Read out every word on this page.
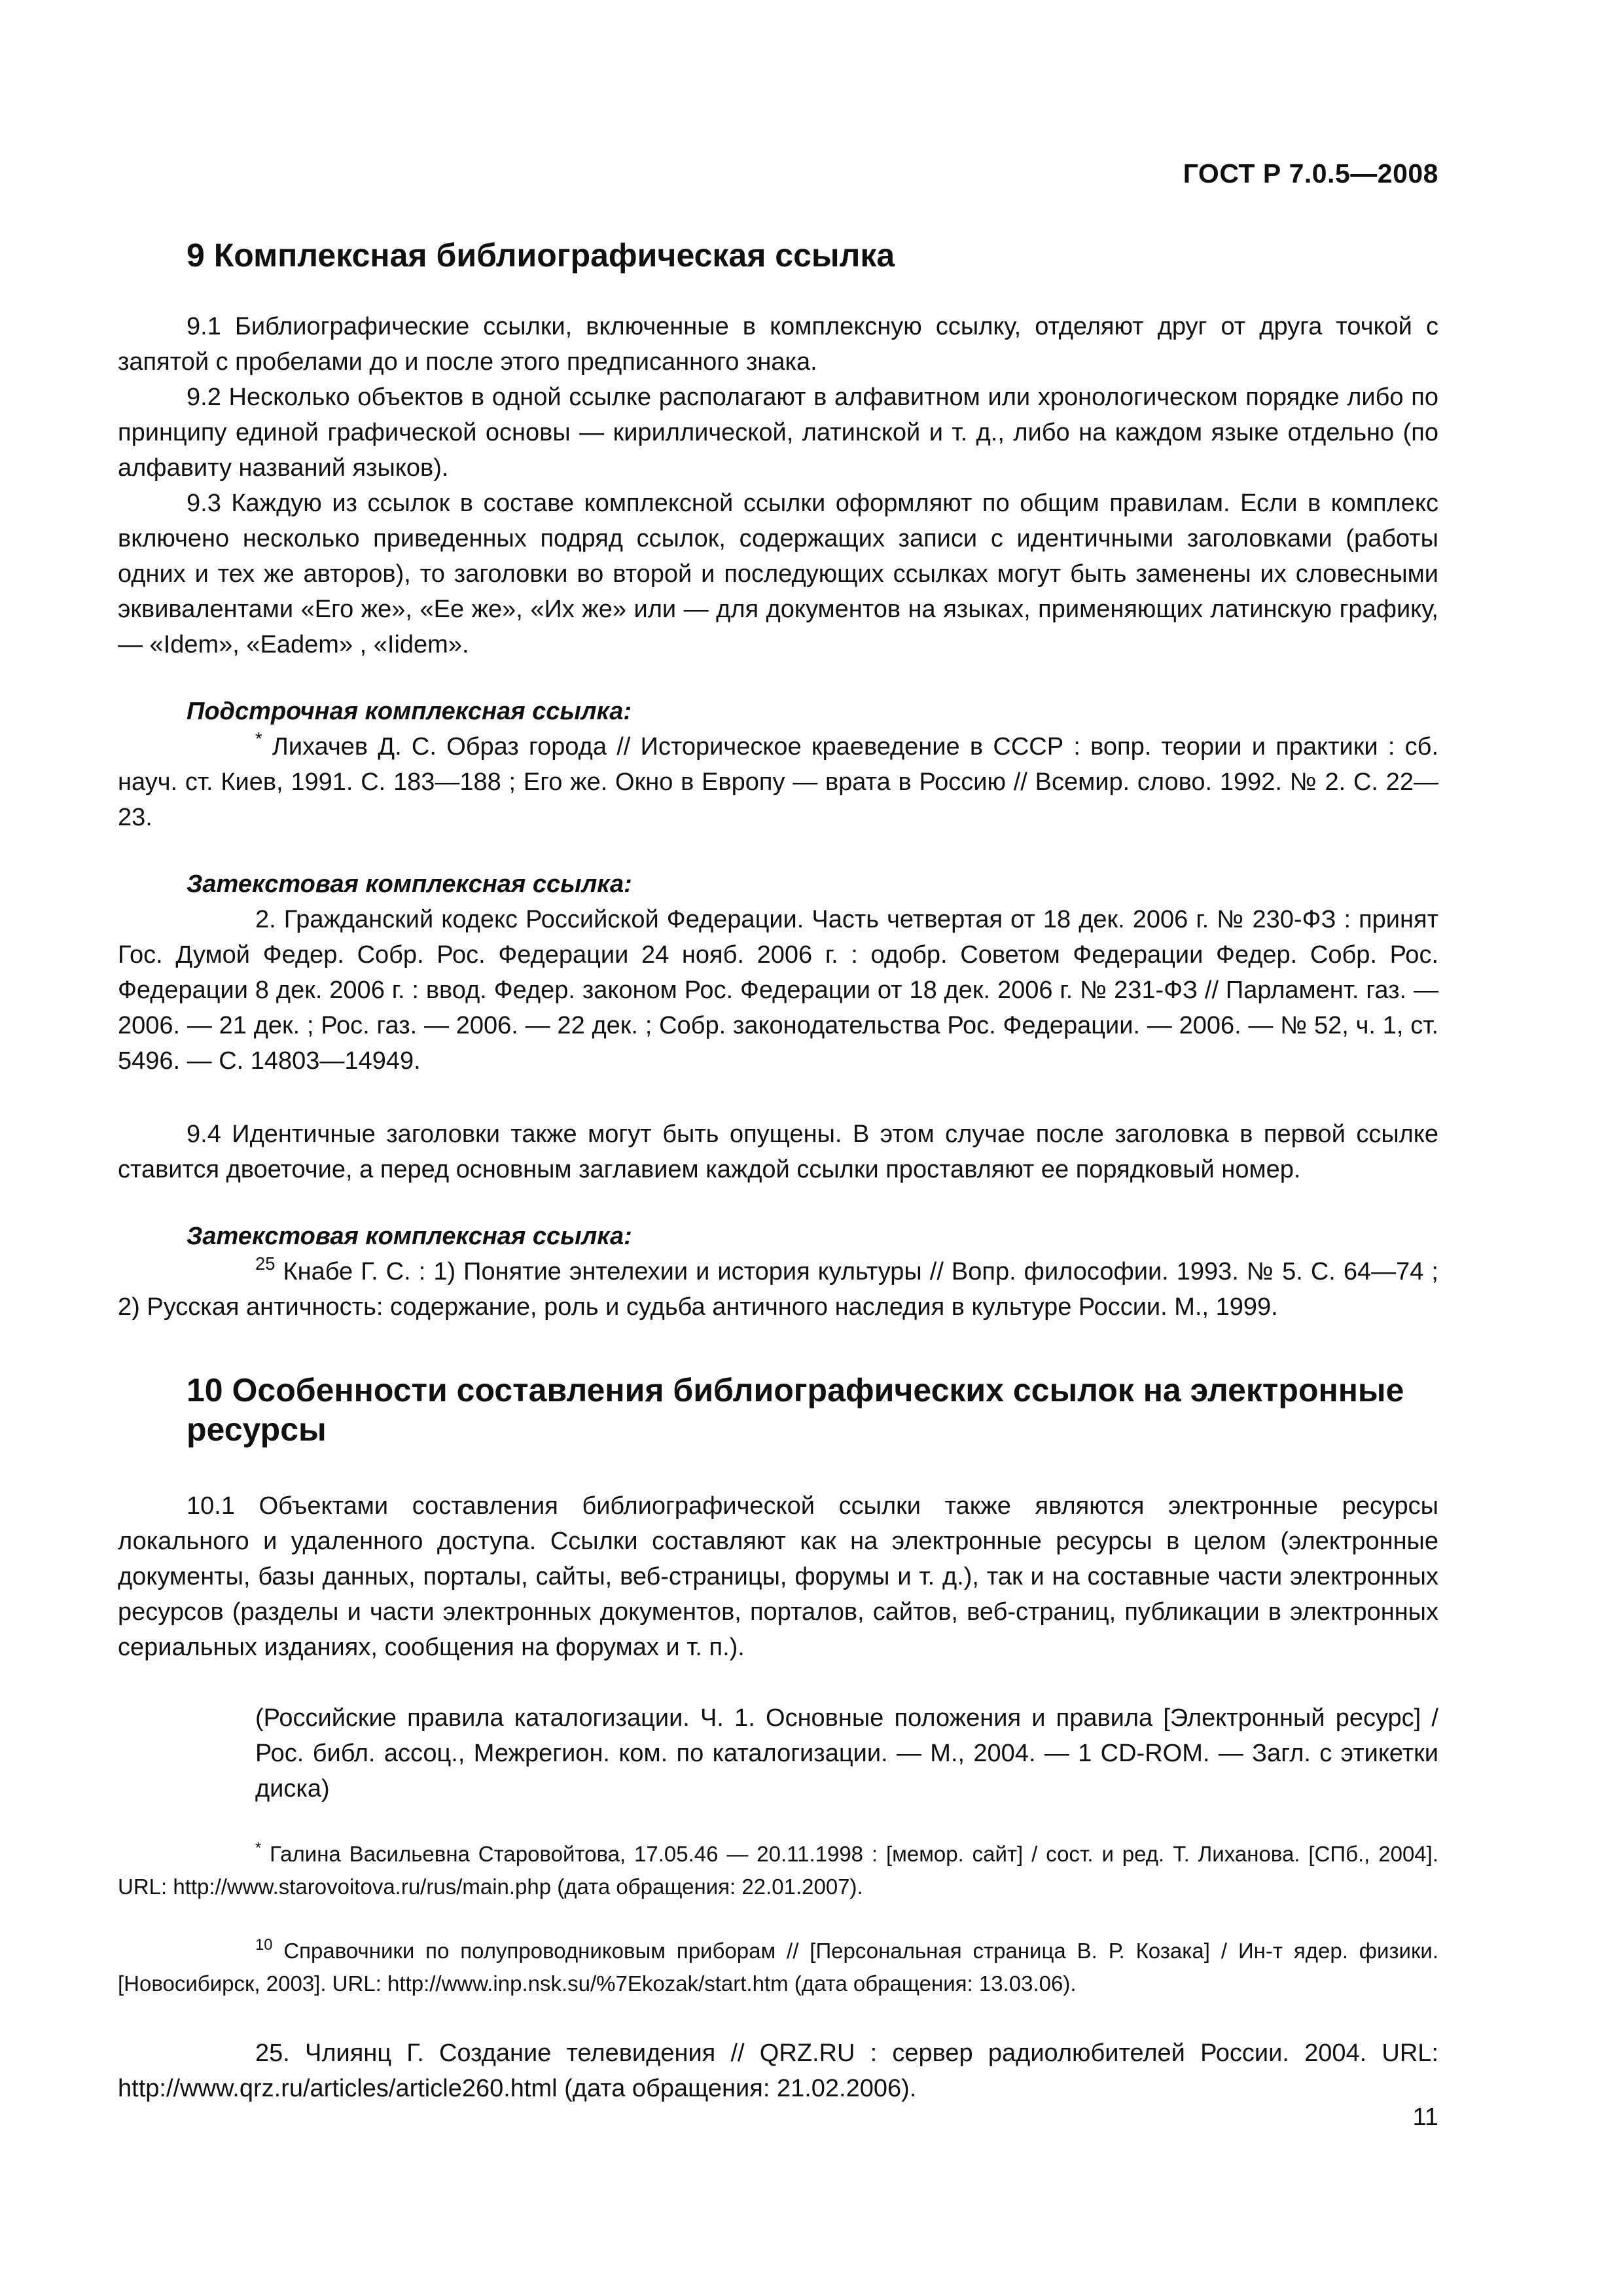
ГОСТ Р 7.0.5—2008
9 Комплексная библиографическая ссылка

9.1 Библиографические ссылки, включенные в комплексную ссылку, отделяют друг от друга точкой с запятой с пробелами до и после этого предписанного знака.

9.2 Несколько объектов в одной ссылке располагают в алфавитном или хронологическом порядке либо по принципу единой графической основы — кириллической, латинской и т. д., либо на каждом языке отдельно (по алфавиту названий языков).

9.3 Каждую из ссылок в составе комплексной ссылки оформляют по общим правилам. Если в комплекс включено несколько приведенных подряд ссылок, содержащих записи с идентичными заголовками (работы одних и тех же авторов), то заголовки во второй и последующих ссылках могут быть заменены их словесными эквивалентами «Его же», «Ее же», «Их же» или — для документов на языках, применяющих латинскую графику, — «Idem», «Eadem» , «Iidem».

Подстрочная комплексная ссылка:

* Лихачев Д. С. Образ города // Историческое краеведение в СССР : вопр. теории и практики : сб. науч. ст. Киев, 1991. С. 183—188 ; Его же. Окно в Европу — врата в Россию // Всемир. слово. 1992. № 2. С. 22—23.

Затекстовая комплексная ссылка:

2. Гражданский кодекс Российской Федерации. Часть четвертая от 18 дек. 2006 г. № 230-ФЗ : принят Гос. Думой Федер. Собр. Рос. Федерации 24 нояб. 2006 г. : одобр. Советом Федерации Федер. Собр. Рос. Федерации 8 дек. 2006 г. : ввод. Федер. законом Рос. Федерации от 18 дек. 2006 г. № 231-ФЗ // Парламент. газ. — 2006. — 21 дек. ; Рос. газ. — 2006. — 22 дек. ; Собр. законодательства Рос. Федерации. — 2006. — № 52, ч. 1, ст. 5496. — С. 14803—14949.

9.4 Идентичные заголовки также могут быть опущены. В этом случае после заголовка в первой ссылке ставится двоеточие, а перед основным заглавием каждой ссылки проставляют ее порядковый номер.

Затекстовая комплексная ссылка:

$^{25}$ Кнабе Г. С. : 1) Понятие энтелехии и история культуры // Вопр. философии. 1993. № 5. С. 64—74 ; 2) Русская античность: содержание, роль и судьба античного наследия в культуре России. М., 1999.

10 Особенности составления библиографических ссылок на электронные ресурсы

10.1 Объектами составления библиографической ссылки также являются электронные ресурсы локального и удаленного доступа. Ссылки составляют как на электронные ресурсы в целом (электронные документы, базы данных, порталы, сайты, веб-страницы, форумы и т. д.), так и на составные части электронных ресурсов (разделы и части электронных документов, порталов, сайтов, веб-страниц, публикации в электронных сериальных изданиях, сообщения на форумах и т. п.).

(Российские правила каталогизации. Ч. 1. Основные положения и правила [Электронный ресурс] / Рос. библ. ассоц., Межрегион. ком. по каталогизации. — М., 2004. — 1 CD-ROM. — Загл. с этикетки диска)
* Галина Васильевна Старовойтова, 17.05.46 — 20.11.1998 : [мемор. сайт] / сост. и ред. Т. Лиханова. [СПб., 2004]. URL: http://www.starovoitova.ru/rus/main.php (дата обращения: 22.01.2007).
$^{10}$ Справочники по полупроводниковым приборам // [Персональная страница В. Р. Козака] / Ин-т ядер. физики. [Новосибирск, 2003]. URL: http://www.inp.nsk.su/%7Ekozak/start.htm (дата обращения: 13.03.06).
25. Члиянц Г. Создание телевидения // QRZ.RU : сервер радиолюбителей России. 2004. URL: http://www.qrz.ru/articles/article260.html (дата обращения: 21.02.2006).
11
